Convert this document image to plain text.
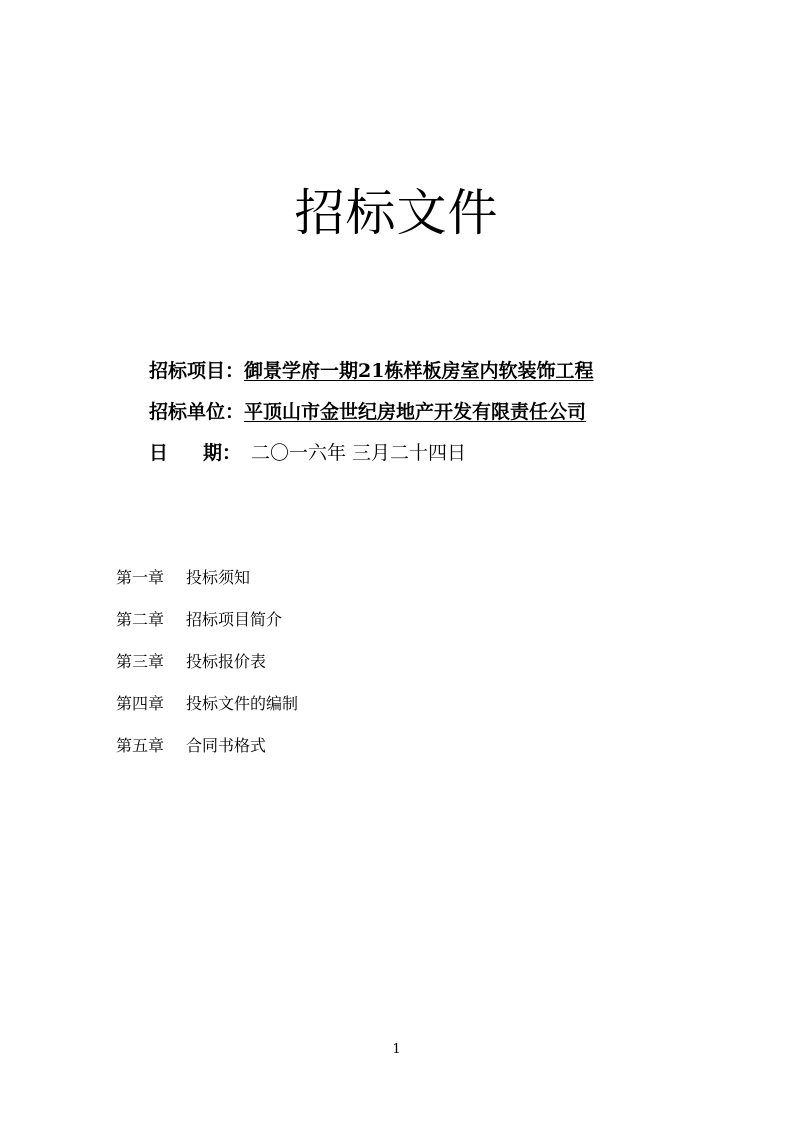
招标文件
招标项目：御景学府一期21栋样板房室内软装饰工程
招标单位：平顶山市金世纪房地产开发有限责任公司
日 期： 二〇一六年 三月二十四日
第一章 投标须知
第二章 招标项目简介
第三章 投标报价表
第四章 投标文件的编制
第五章 合同书格式
1
